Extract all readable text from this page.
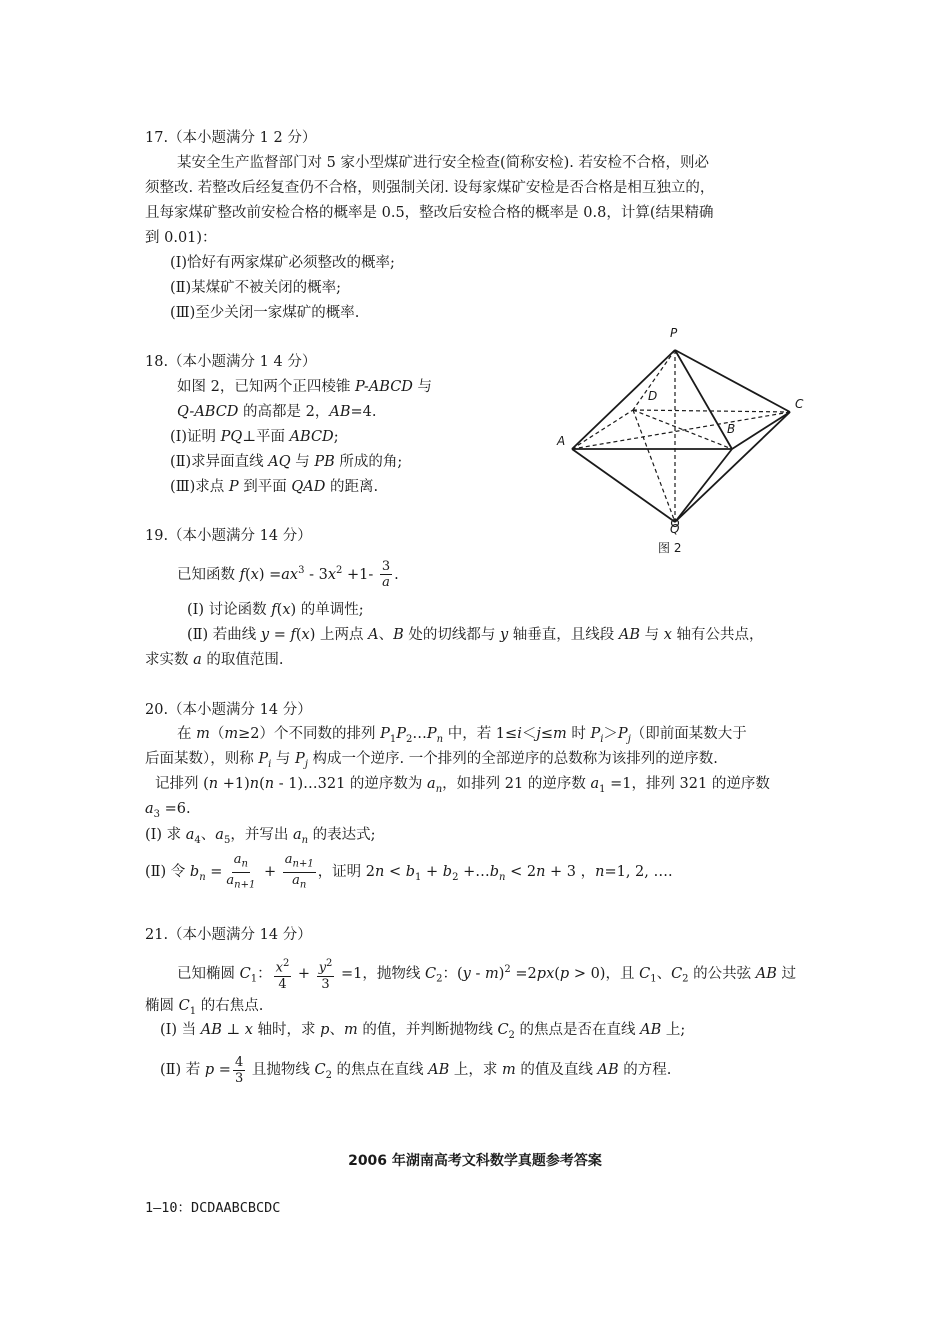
17.（本小题满分 1 2 分）
某安全生产监督部门对 5 家小型煤矿进行安全检查(简称安检). 若安检不合格，则必
须整改. 若整改后经复查仍不合格，则强制关闭. 设每家煤矿安检是否合格是相互独立的，
且每家煤矿整改前安检合格的概率是 0.5，整改后安检合格的概率是 0.8，计算(结果精确
到 0.01)：
(Ⅰ)恰好有两家煤矿必须整改的概率;
(Ⅱ)某煤矿不被关闭的概率;
(Ⅲ)至少关闭一家煤矿的概率.
18.（本小题满分 1 4 分）
如图 2，已知两个正四棱锥 P-ABCD 与
Q-ABCD 的高都是 2，AB=4.
(Ⅰ)证明 PQ⊥平面 ABCD;
(Ⅱ)求异面直线 AQ 与 PB 所成的角;
(Ⅲ)求点 P 到平面 QAD 的距离.
P
D
C
A
B
Q
图 2
19.（本小题满分 14 分）
已知函数 $f(x) =ax^3 - 3x^2 +1- \frac{3}{a}$ .
(Ⅰ) 讨论函数 f(x) 的单调性;
(Ⅱ) 若曲线 y = f(x) 上两点 A、B 处的切线都与 y 轴垂直，且线段 AB 与 x 轴有公共点，
求实数 a 的取值范围.
20.（本小题满分 14 分）
在 m（m≥2）个不同数的排列 $P_1P_2\dots P_n$ 中，若 1≤i＜j≤m 时 $P_i>P_j$（即前面某数大于
后面某数），则称 $P_i$ 与 $P_j$ 构成一个逆序. 一个排列的全部逆序的总数称为该排列的逆序数.
记排列 (n +1)n(n - 1)…321 的逆序数为 $a_n$，如排列 21 的逆序数 $a_1 =1$，排列 321 的逆序数
$a_3 =6$.
(Ⅰ) 求 $a_4$、$a_5$，并写出 $a_n$ 的表达式;
(Ⅱ) 令 $b_n = \frac{a_n}{a_{n+1}} + \frac{a_{n+1}}{a_n}$ ，证明 $2n < b_1 + b_2$ $+\dots b_n < 2n + 3$ ，n=1, 2, ….
21.（本小题满分 14 分）
已知椭圆 $C_1$： $\frac{x^2}{4} + \frac{y^2}{3} =1$，抛物线 $C_2$：(y - m)$^2$ =2px(p > 0)，且 $C_1$、$C_2$ 的公共弦 AB 过
椭圆 $C_1$ 的右焦点.
(Ⅰ) 当 AB ⊥ x 轴时，求 p、m 的值，并判断抛物线 $C_2$ 的焦点是否在直线 AB 上;
(Ⅱ) 若 $p = \frac{4}{3}$ 且抛物线 $C_2$ 的焦点在直线 AB 上，求 m 的值及直线 AB 的方程.
2006 年湖南高考文科数学真题参考答案
1—10：DCDAABCBCDC
